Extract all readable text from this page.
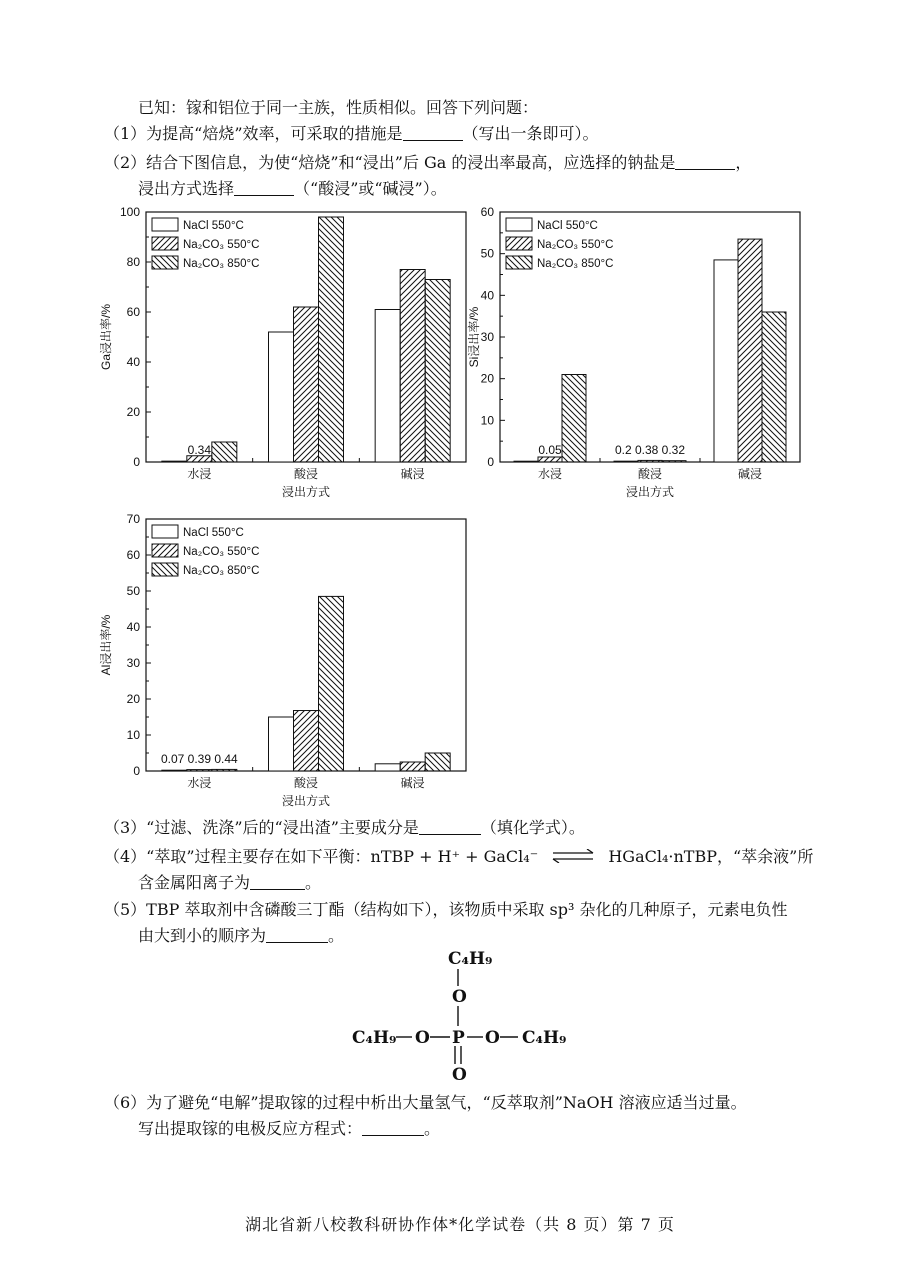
已知：镓和铝位于同一主族，性质相似。回答下列问题：
（1）为提高“焙烧”效率，可采取的措施是	（写出一条即可）。
（2）结合下图信息，为使“焙烧”和“浸出”后 Ga 的浸出率最高，应选择的钠盐是	，
浸出方式选择	（“酸浸”或“碱浸”）。
0
20
40
60
80
100
Ga浸出率/%
水浸	酸浸	碱浸
浸出方式
0.34
NaCl 550°C
Na₂CO₃ 550°C
Na₂CO₃ 850°C
0
10
20
30
40
50
60
Si浸出率/%
水浸	酸浸	碱浸
浸出方式
0.05	0.2 0.38 0.32
NaCl 550°C
Na₂CO₃ 550°C
Na₂CO₃ 850°C
0
10
20
30
40
50
60
70
Al浸出率/%
水浸	酸浸	碱浸
浸出方式
0.07 0.39 0.44
NaCl 550°C
Na₂CO₃ 550°C
Na₂CO₃ 850°C
（3）“过滤、洗涤”后的“浸出渣”主要成分是	（填化学式）。
（4）“萃取”过程主要存在如下平衡：nTBP + H⁺ + GaCl₄⁻ ⇌ HGaCl₄·nTBP，“萃余液”所
含金属阳离子为	。
（5）TBP 萃取剂中含磷酸三丁酯（结构如下），该物质中采取 sp³ 杂化的几种原子，元素电负性
由大到小的顺序为	。
C₄H₉
O
C₄H₉ O P O C₄H₉
O
（6）为了避免“电解”提取镓的过程中析出大量氢气，“反萃取剂”NaOH 溶液应适当过量。
写出提取镓的电极反应方程式：	。
湖北省新八校教科研协作体*化学试卷（共 8 页）第 7 页
